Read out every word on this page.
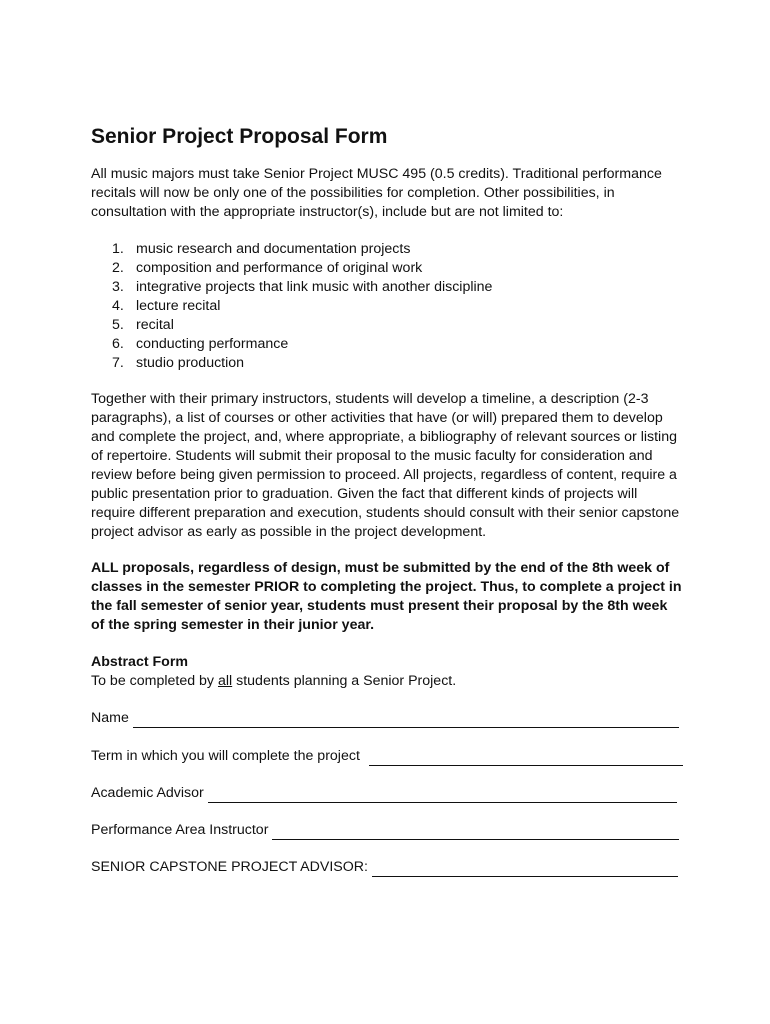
Senior Project Proposal Form

All music majors must take Senior Project MUSC 495 (0.5 credits). Traditional performance recitals will now be only one of the possibilities for completion. Other possibilities, in consultation with the appropriate instructor(s), include but are not limited to:

1. music research and documentation projects
2. composition and performance of original work
3. integrative projects that link music with another discipline
4. lecture recital
5. recital
6. conducting performance
7. studio production

Together with their primary instructors, students will develop a timeline, a description (2-3 paragraphs), a list of courses or other activities that have (or will) prepared them to develop and complete the project, and, where appropriate, a bibliography of relevant sources or listing of repertoire. Students will submit their proposal to the music faculty for consideration and review before being given permission to proceed. All projects, regardless of content, require a public presentation prior to graduation. Given the fact that different kinds of projects will require different preparation and execution, students should consult with their senior capstone project advisor as early as possible in the project development.

ALL proposals, regardless of design, must be submitted by the end of the 8th week of classes in the semester PRIOR to completing the project. Thus, to complete a project in the fall semester of senior year, students must present their proposal by the 8th week of the spring semester in their junior year.

Abstract Form

To be completed by all students planning a Senior Project.

Name
Term in which you will complete the project
Academic Advisor
Performance Area Instructor
SENIOR CAPSTONE PROJECT ADVISOR:
